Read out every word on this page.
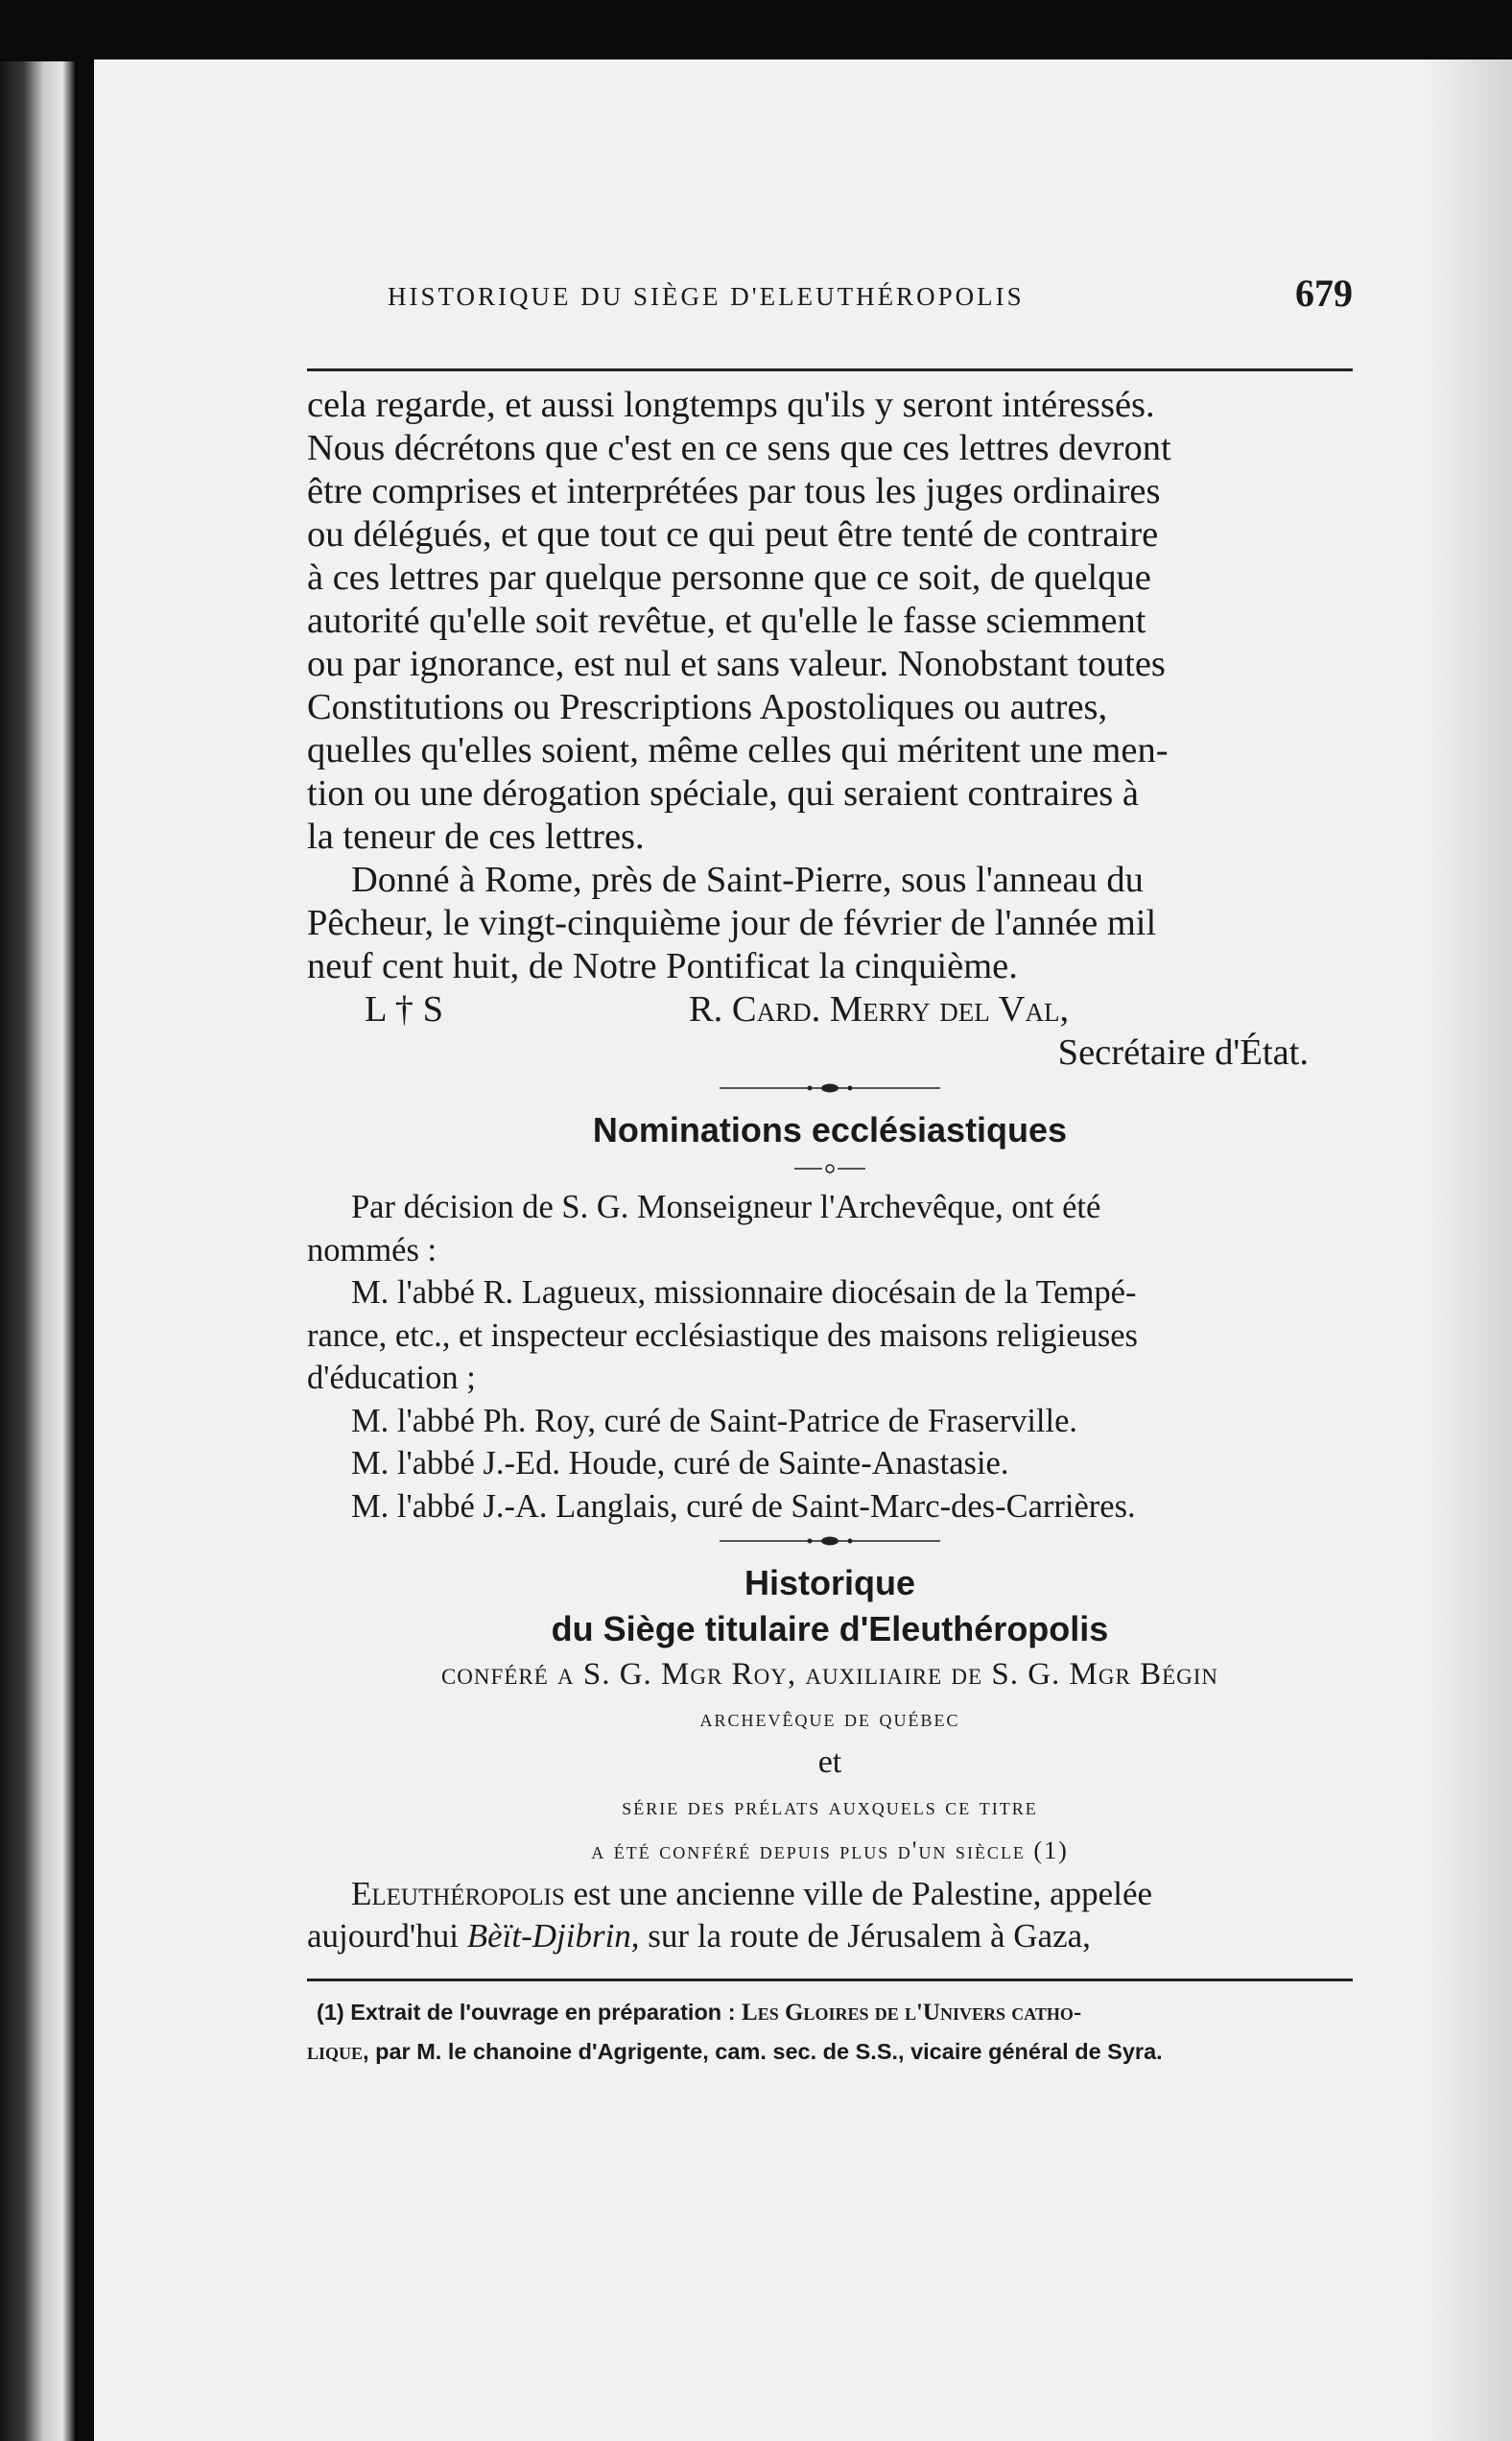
HISTORIQUE DU SIÈGE D'ELEUTHÉROPOLIS	679

cela regarde, et aussi longtemps qu'ils y seront intéressés.

Nous décrétons que c'est en ce sens que ces lettres devront

être comprises et interprétées par tous les juges ordinaires

ou délégués, et que tout ce qui peut être tenté de contraire

à ces lettres par quelque personne que ce soit, de quelque

autorité qu'elle soit revêtue, et qu'elle le fasse sciemment

ou par ignorance, est nul et sans valeur. Nonobstant toutes

Constitutions ou Prescriptions Apostoliques ou autres,

quelles qu'elles soient, même celles qui méritent une men-

tion ou une dérogation spéciale, qui seraient contraires à

la teneur de ces lettres.

Donné à Rome, près de Saint-Pierre, sous l'anneau du

Pêcheur, le vingt-cinquième jour de février de l'année mil

neuf cent huit, de Notre Pontificat la cinquième.

L † S	R. Card. Merry del Val,
Secrétaire d'État.
Nominations ecclésiastiques

Par décision de S. G. Monseigneur l'Archevêque, ont été

nommés :

M. l'abbé R. Lagueux, missionnaire diocésain de la Tempé-

rance, etc., et inspecteur ecclésiastique des maisons religieuses

d'éducation ;

M. l'abbé Ph. Roy, curé de Saint-Patrice de Fraserville.

M. l'abbé J.-Ed. Houde, curé de Sainte-Anastasie.

M. l'abbé J.-A. Langlais, curé de Saint-Marc-des-Carrières.

Historique
du Siège titulaire d'Eleuthéropolis
conféré a S. G. Mgr Roy, auxiliaire de S. G. Mgr Bégin
archevêque de québec
et
série des prélats auxquels ce titre
a été conféré depuis plus d'un siècle (1)

Eleuthéropolis est une ancienne ville de Palestine, appelée

aujourd'hui Bèït-Djibrin, sur la route de Jérusalem à Gaza,

(1) Extrait de l'ouvrage en préparation : Les Gloires de l'Univers catho-
lique, par M. le chanoine d'Agrigente, cam. sec. de S.S., vicaire général de Syra.
